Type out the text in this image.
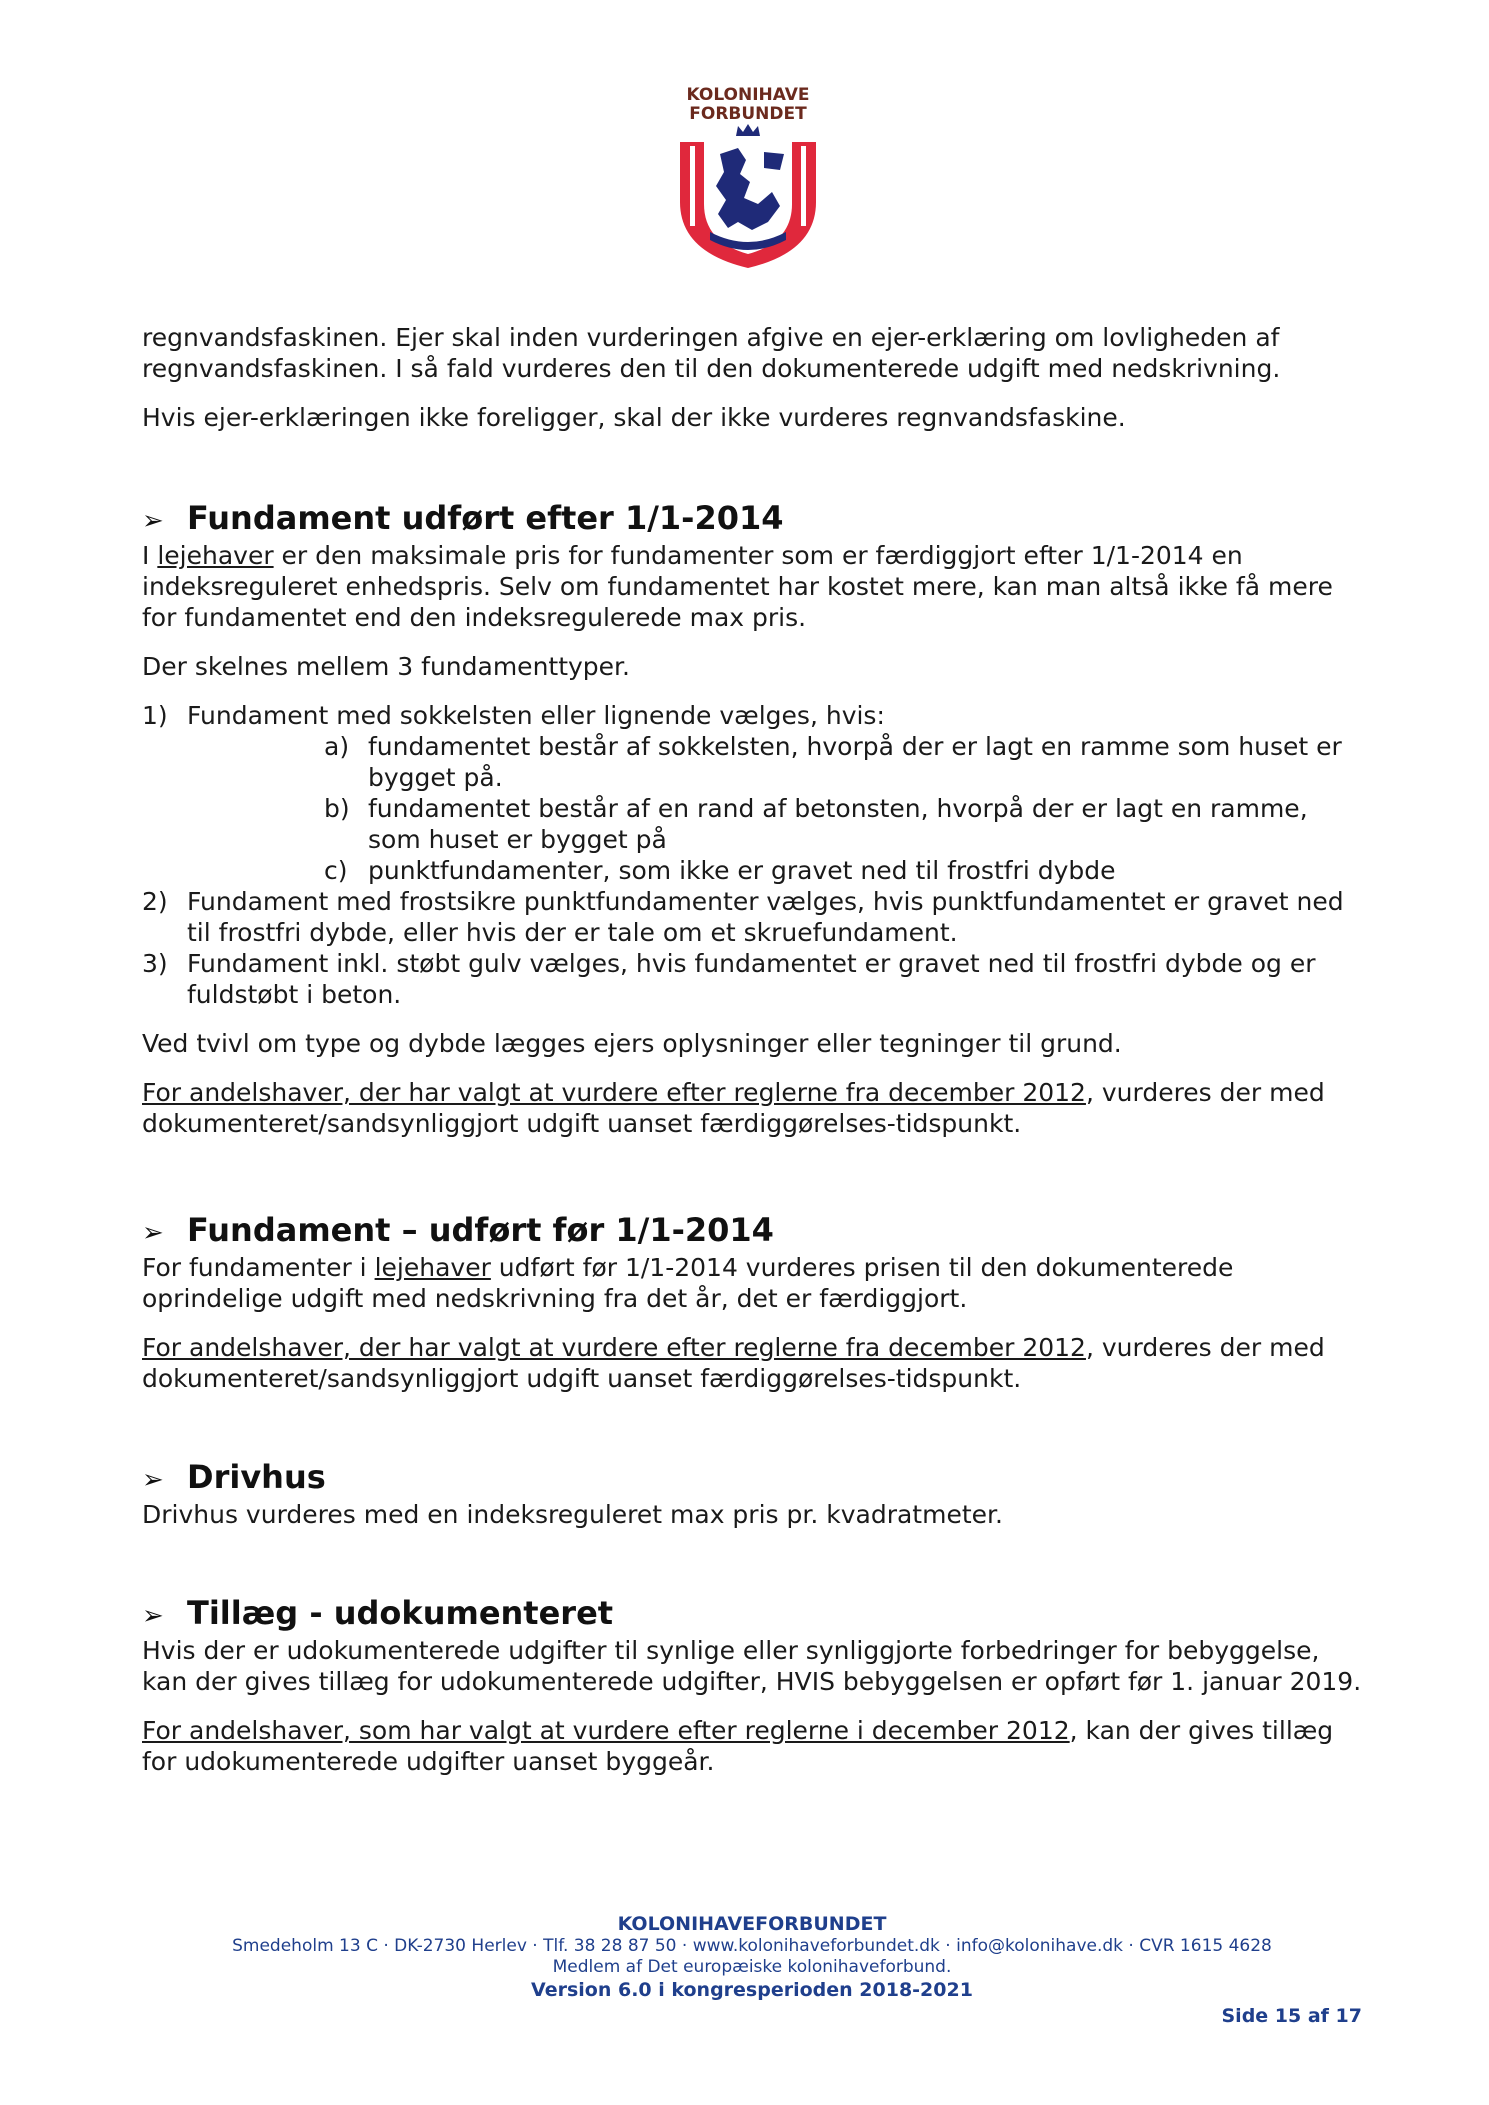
KOLONIHAVE
FORBUNDET

regnvandsfaskinen. Ejer skal inden vurderingen afgive en ejer-erklæring om lovligheden af regnvandsfaskinen. I så fald vurderes den til den dokumenterede udgift med nedskrivning.

Hvis ejer-erklæringen ikke foreligger, skal der ikke vurderes regnvandsfaskine.

➢ Fundament udført efter 1/1-2014

I lejehaver er den maksimale pris for fundamenter som er færdiggjort efter 1/1-2014 en indeksreguleret enhedspris. Selv om fundamentet har kostet mere, kan man altså ikke få mere for fundamentet end den indeksregulerede max pris.

Der skelnes mellem 3 fundamenttyper.

1) Fundament med sokkelsten eller lignende vælges, hvis:
a) fundamentet består af sokkelsten, hvorpå der er lagt en ramme som huset er bygget på.
b) fundamentet består af en rand af betonsten, hvorpå der er lagt en ramme, som huset er bygget på
c) punktfundamenter, som ikke er gravet ned til frostfri dybde
2) Fundament med frostsikre punktfundamenter vælges, hvis punktfundamentet er gravet ned til frostfri dybde, eller hvis der er tale om et skruefundament.
3) Fundament inkl. støbt gulv vælges, hvis fundamentet er gravet ned til frostfri dybde og er fuldstøbt i beton.

Ved tvivl om type og dybde lægges ejers oplysninger eller tegninger til grund.

For andelshaver, der har valgt at vurdere efter reglerne fra december 2012, vurderes der med dokumenteret/sandsynliggjort udgift uanset færdiggørelses-tidspunkt.

➢ Fundament – udført før 1/1-2014

For fundamenter i lejehaver udført før 1/1-2014 vurderes prisen til den dokumenterede oprindelige udgift med nedskrivning fra det år, det er færdiggjort.

For andelshaver, der har valgt at vurdere efter reglerne fra december 2012, vurderes der med dokumenteret/sandsynliggjort udgift uanset færdiggørelses-tidspunkt.

➢ Drivhus

Drivhus vurderes med en indeksreguleret max pris pr. kvadratmeter.

➢ Tillæg - udokumenteret

Hvis der er udokumenterede udgifter til synlige eller synliggjorte forbedringer for bebyggelse, kan der gives tillæg for udokumenterede udgifter, HVIS bebyggelsen er opført før 1. januar 2019.

For andelshaver, som har valgt at vurdere efter reglerne i december 2012, kan der gives tillæg for udokumenterede udgifter uanset byggeår.

KOLONIHAVEFORBUNDET
Smedeholm 13 C · DK-2730 Herlev · Tlf. 38 28 87 50 · www.kolonihaveforbundet.dk · info@kolonihave.dk · CVR 1615 4628
Medlem af Det europæiske kolonihaveforbund.
Version 6.0 i kongresperioden 2018-2021
Side 15 af 17
